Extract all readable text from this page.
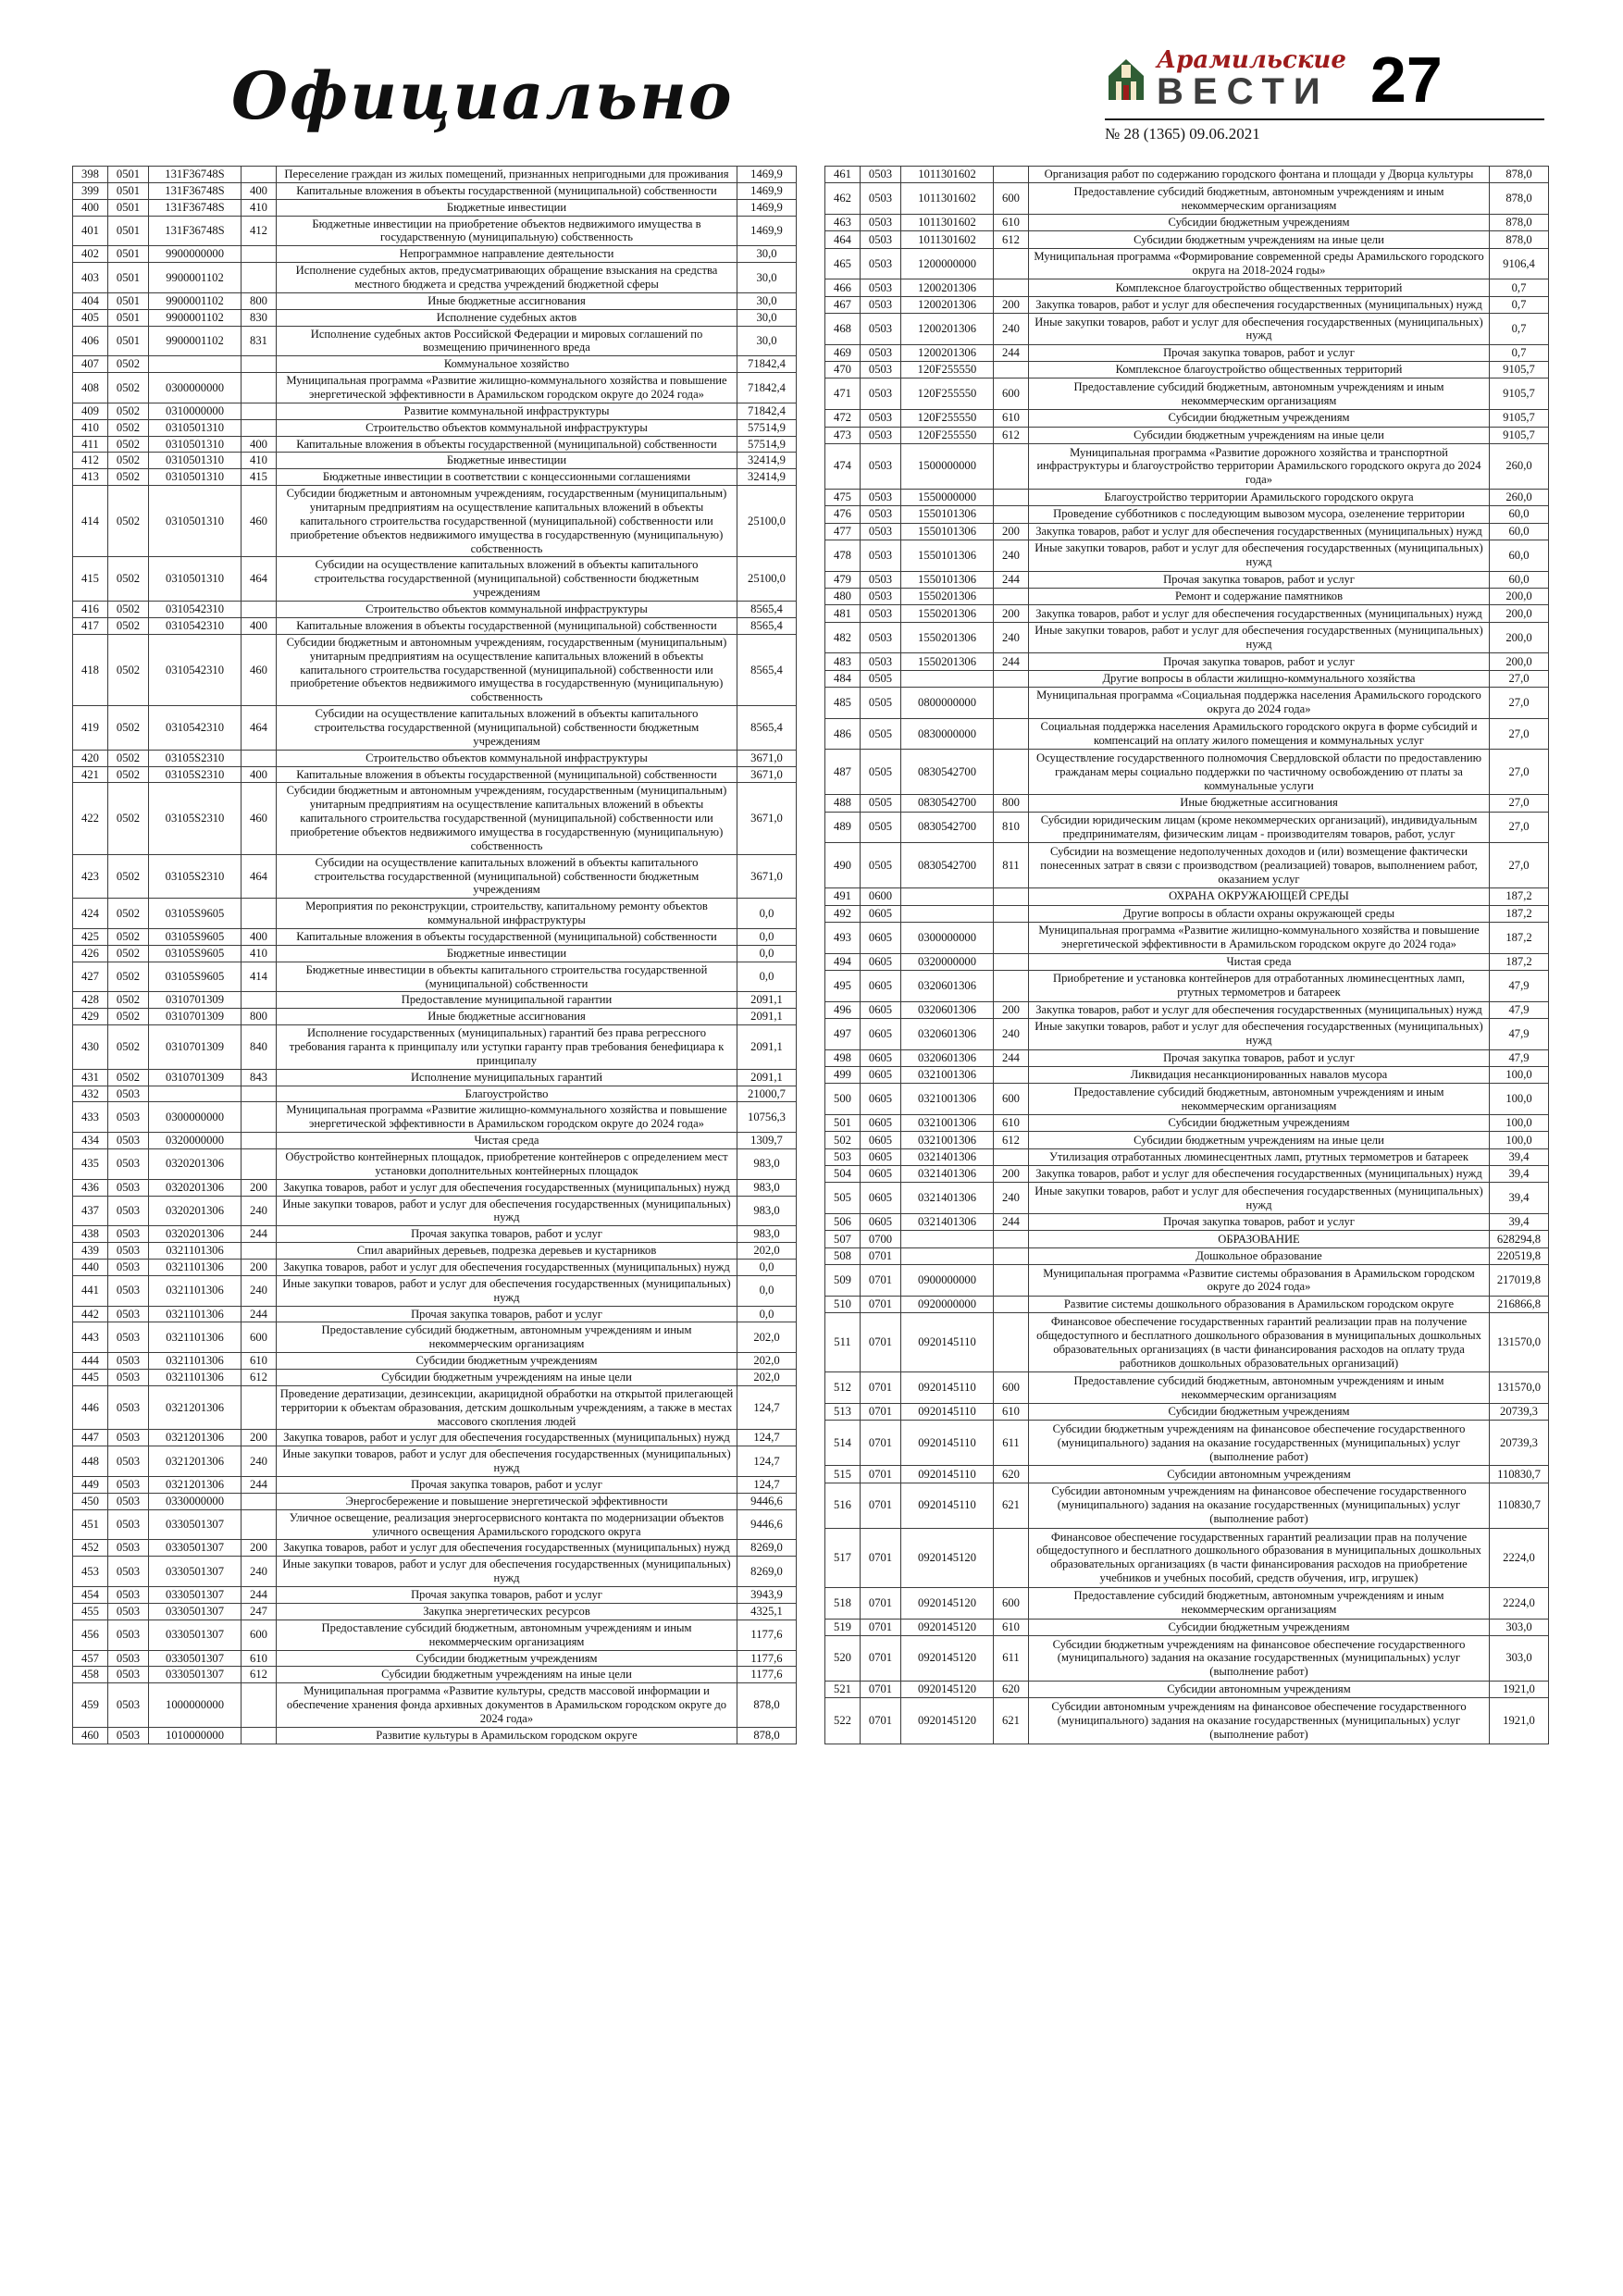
Официально	Арамильские
ВЕСТИ 27
№ 28 (1365) 09.06.2021
398	0501	131F36748S		Переселение граждан из жилых помещений, признанных непригодными для проживания	1469,9
399	0501	131F36748S	400	Капитальные вложения в объекты государственной (муниципальной) собственности	1469,9
400	0501	131F36748S	410	Бюджетные инвестиции	1469,9
401	0501	131F36748S	412	Бюджетные инвестиции на приобретение объектов недвижимого имущества в государственную (муниципальную) собственность	1469,9
402	0501	9900000000		Непрограммное направление деятельности	30,0
403	0501	9900001102		Исполнение судебных актов, предусматривающих обращение взыскания на средства местного бюджета и средства учреждений бюджетной сферы	30,0
404	0501	9900001102	800	Иные бюджетные ассигнования	30,0
405	0501	9900001102	830	Исполнение судебных актов	30,0
406	0501	9900001102	831	Исполнение судебных актов Российской Федерации и мировых соглашений по возмещению причиненного вреда	30,0
407	0502			Коммунальное хозяйство	71842,4
408	0502	0300000000		Муниципальная программа «Развитие жилищно-коммунального хозяйства и повышение энергетической эффективности в Арамильском городском округе до 2024 года»	71842,4
409	0502	0310000000		Развитие коммунальной инфраструктуры	71842,4
410	0502	0310501310		Строительство объектов коммунальной инфраструктуры	57514,9
411	0502	0310501310	400	Капитальные вложения в объекты государственной (муниципальной) собственности	57514,9
412	0502	0310501310	410	Бюджетные инвестиции	32414,9
413	0502	0310501310	415	Бюджетные инвестиции в соответствии с концессионными соглашениями	32414,9
414	0502	0310501310	460	Субсидии бюджетным и автономным учреждениям, государственным (муниципальным) унитарным предприятиям на осуществление капитальных вложений в объекты капитального строительства государственной (муниципальной) собственности или приобретение объектов недвижимого имущества в государственную (муниципальную) собственность	25100,0
415	0502	0310501310	464	Субсидии на осуществление капитальных вложений в объекты капитального строительства государственной (муниципальной) собственности бюджетным учреждениям	25100,0
416	0502	0310542310		Строительство объектов коммунальной инфраструктуры	8565,4
417	0502	0310542310	400	Капитальные вложения в объекты государственной (муниципальной) собственности	8565,4
418	0502	0310542310	460	Субсидии бюджетным и автономным учреждениям, государственным (муниципальным) унитарным предприятиям на осуществление капитальных вложений в объекты капитального строительства государственной (муниципальной) собственности или приобретение объектов недвижимого имущества в государственную (муниципальную) собственность	8565,4
419	0502	0310542310	464	Субсидии на осуществление капитальных вложений в объекты капитального строительства государственной (муниципальной) собственности бюджетным учреждениям	8565,4
420	0502	03105S2310		Строительство объектов коммунальной инфраструктуры	3671,0
421	0502	03105S2310	400	Капитальные вложения в объекты государственной (муниципальной) собственности	3671,0
422	0502	03105S2310	460	Субсидии бюджетным и автономным учреждениям, государственным (муниципальным) унитарным предприятиям на осуществление капитальных вложений в объекты капитального строительства государственной (муниципальной) собственности или приобретение объектов недвижимого имущества в государственную (муниципальную) собственность	3671,0
423	0502	03105S2310	464	Субсидии на осуществление капитальных вложений в объекты капитального строительства государственной (муниципальной) собственности бюджетным учреждениям	3671,0
424	0502	03105S9605		Мероприятия по реконструкции, строительству, капитальному ремонту объектов коммунальной инфраструктуры	0,0
425	0502	03105S9605	400	Капитальные вложения в объекты государственной (муниципальной) собственности	0,0
426	0502	03105S9605	410	Бюджетные инвестиции	0,0
427	0502	03105S9605	414	Бюджетные инвестиции в объекты капитального строительства государственной (муниципальной) собственности	0,0
428	0502	0310701309		Предоставление муниципальной гарантии	2091,1
429	0502	0310701309	800	Иные бюджетные ассигнования	2091,1
430	0502	0310701309	840	Исполнение государственных (муниципальных) гарантий без права регрессного требования гаранта к принципалу или уступки гаранту прав требования бенефициара к принципалу	2091,1
431	0502	0310701309	843	Исполнение муниципальных гарантий	2091,1
432	0503			Благоустройство	21000,7
433	0503	0300000000		Муниципальная программа «Развитие жилищно-коммунального хозяйства и повышение энергетической эффективности в Арамильском городском округе до 2024 года»	10756,3
434	0503	0320000000		Чистая среда	1309,7
435	0503	0320201306		Обустройство контейнерных площадок, приобретение контейнеров с определением мест установки дополнительных контейнерных площадок	983,0
436	0503	0320201306	200	Закупка товаров, работ и услуг для обеспечения государственных (муниципальных) нужд	983,0
437	0503	0320201306	240	Иные закупки товаров, работ и услуг для обеспечения государственных (муниципальных) нужд	983,0
438	0503	0320201306	244	Прочая закупка товаров, работ и услуг	983,0
439	0503	0321101306		Спил аварийных деревьев, подрезка деревьев и кустарников	202,0
440	0503	0321101306	200	Закупка товаров, работ и услуг для обеспечения государственных (муниципальных) нужд	0,0
441	0503	0321101306	240	Иные закупки товаров, работ и услуг для обеспечения государственных (муниципальных) нужд	0,0
442	0503	0321101306	244	Прочая закупка товаров, работ и услуг	0,0
443	0503	0321101306	600	Предоставление субсидий бюджетным, автономным учреждениям и иным некоммерческим организациям	202,0
444	0503	0321101306	610	Субсидии бюджетным учреждениям	202,0
445	0503	0321101306	612	Субсидии бюджетным учреждениям на иные цели	202,0
446	0503	0321201306		Проведение дератизации, дезинсекции, акарицидной обработки на открытой прилегающей территории к объектам образования, детским дошкольным учреждениям, а также в местах массового скопления людей	124,7
447	0503	0321201306	200	Закупка товаров, работ и услуг для обеспечения государственных (муниципальных) нужд	124,7
448	0503	0321201306	240	Иные закупки товаров, работ и услуг для обеспечения государственных (муниципальных) нужд	124,7
449	0503	0321201306	244	Прочая закупка товаров, работ и услуг	124,7
450	0503	0330000000		Энергосбережение и повышение энергетической эффективности	9446,6
451	0503	0330501307		Уличное освещение, реализация энергосервисного контакта по модернизации объектов уличного освещения Арамильского городского округа	9446,6
452	0503	0330501307	200	Закупка товаров, работ и услуг для обеспечения государственных (муниципальных) нужд	8269,0
453	0503	0330501307	240	Иные закупки товаров, работ и услуг для обеспечения государственных (муниципальных) нужд	8269,0
454	0503	0330501307	244	Прочая закупка товаров, работ и услуг	3943,9
455	0503	0330501307	247	Закупка энергетических ресурсов	4325,1
456	0503	0330501307	600	Предоставление субсидий бюджетным, автономным учреждениям и иным некоммерческим организациям	1177,6
457	0503	0330501307	610	Субсидии бюджетным учреждениям	1177,6
458	0503	0330501307	612	Субсидии бюджетным учреждениям на иные цели	1177,6
459	0503	1000000000		Муниципальная программа «Развитие культуры, средств массовой информации и обеспечение хранения фонда архивных документов в Арамильском городском округе до 2024 года»	878,0
460	0503	1010000000		Развитие культуры в Арамильском городском округе	878,0
461	0503	1011301602		Организация работ по содержанию городского фонтана и площади у Дворца культуры	878,0
462	0503	1011301602	600	Предоставление субсидий бюджетным, автономным учреждениям и иным некоммерческим организациям	878,0
463	0503	1011301602	610	Субсидии бюджетным учреждениям	878,0
464	0503	1011301602	612	Субсидии бюджетным учреждениям на иные цели	878,0
465	0503	1200000000		Муниципальная программа «Формирование современной среды Арамильского городского округа на 2018-2024 годы»	9106,4
466	0503	1200201306		Комплексное благоустройство общественных территорий	0,7
467	0503	1200201306	200	Закупка товаров, работ и услуг для обеспечения государственных (муниципальных) нужд	0,7
468	0503	1200201306	240	Иные закупки товаров, работ и услуг для обеспечения государственных (муниципальных) нужд	0,7
469	0503	1200201306	244	Прочая закупка товаров, работ и услуг	0,7
470	0503	120F255550		Комплексное благоустройство общественных территорий	9105,7
471	0503	120F255550	600	Предоставление субсидий бюджетным, автономным учреждениям и иным некоммерческим организациям	9105,7
472	0503	120F255550	610	Субсидии бюджетным учреждениям	9105,7
473	0503	120F255550	612	Субсидии бюджетным учреждениям на иные цели	9105,7
474	0503	1500000000		Муниципальная программа «Развитие дорожного хозяйства и транспортной инфраструктуры и благоустройство территории Арамильского городского округа до 2024 года»	260,0
475	0503	1550000000		Благоустройство территории Арамильского городского округа	260,0
476	0503	1550101306		Проведение субботников с последующим вывозом мусора, озеленение территории	60,0
477	0503	1550101306	200	Закупка товаров, работ и услуг для обеспечения государственных (муниципальных) нужд	60,0
478	0503	1550101306	240	Иные закупки товаров, работ и услуг для обеспечения государственных (муниципальных) нужд	60,0
479	0503	1550101306	244	Прочая закупка товаров, работ и услуг	60,0
480	0503	1550201306		Ремонт и содержание памятников	200,0
481	0503	1550201306	200	Закупка товаров, работ и услуг для обеспечения государственных (муниципальных) нужд	200,0
482	0503	1550201306	240	Иные закупки товаров, работ и услуг для обеспечения государственных (муниципальных) нужд	200,0
483	0503	1550201306	244	Прочая закупка товаров, работ и услуг	200,0
484	0505			Другие вопросы в области жилищно-коммунального хозяйства	27,0
485	0505	0800000000		Муниципальная программа «Социальная поддержка населения Арамильского городского округа до 2024 года»	27,0
486	0505	0830000000		Социальная поддержка населения Арамильского городского округа в форме субсидий и компенсаций на оплату жилого помещения и коммунальных услуг	27,0
487	0505	0830542700		Осуществление государственного полномочия Свердловской области по предоставлению гражданам меры социально поддержки по частичному освобождению от платы за коммунальные услуги	27,0
488	0505	0830542700	800	Иные бюджетные ассигнования	27,0
489	0505	0830542700	810	Субсидии юридическим лицам (кроме некоммерческих организаций), индивидуальным предпринимателям, физическим лицам - производителям товаров, работ, услуг	27,0
490	0505	0830542700	811	Субсидии на возмещение недополученных доходов и (или) возмещение фактически понесенных затрат в связи с производством (реализацией) товаров, выполнением работ, оказанием услуг	27,0
491	0600			ОХРАНА ОКРУЖАЮЩЕЙ СРЕДЫ	187,2
492	0605			Другие вопросы в области охраны окружающей среды	187,2
493	0605	0300000000		Муниципальная программа «Развитие жилищно-коммунального хозяйства и повышение энергетической эффективности в Арамильском городском округе до 2024 года»	187,2
494	0605	0320000000		Чистая среда	187,2
495	0605	0320601306		Приобретение и установка контейнеров для отработанных люминесцентных ламп, ртутных термометров и батареек	47,9
496	0605	0320601306	200	Закупка товаров, работ и услуг для обеспечения государственных (муниципальных) нужд	47,9
497	0605	0320601306	240	Иные закупки товаров, работ и услуг для обеспечения государственных (муниципальных) нужд	47,9
498	0605	0320601306	244	Прочая закупка товаров, работ и услуг	47,9
499	0605	0321001306		Ликвидация несанкционированных навалов мусора	100,0
500	0605	0321001306	600	Предоставление субсидий бюджетным, автономным учреждениям и иным некоммерческим организациям	100,0
501	0605	0321001306	610	Субсидии бюджетным учреждениям	100,0
502	0605	0321001306	612	Субсидии бюджетным учреждениям на иные цели	100,0
503	0605	0321401306		Утилизация отработанных люминесцентных ламп, ртутных термометров и батареек	39,4
504	0605	0321401306	200	Закупка товаров, работ и услуг для обеспечения государственных (муниципальных) нужд	39,4
505	0605	0321401306	240	Иные закупки товаров, работ и услуг для обеспечения государственных (муниципальных) нужд	39,4
506	0605	0321401306	244	Прочая закупка товаров, работ и услуг	39,4
507	0700			ОБРАЗОВАНИЕ	628294,8
508	0701			Дошкольное образование	220519,8
509	0701	0900000000		Муниципальная программа «Развитие системы образования в Арамильском городском округе до 2024 года»	217019,8
510	0701	0920000000		Развитие системы дошкольного образования в Арамильском городском округе	216866,8
511	0701	0920145110		Финансовое обеспечение государственных гарантий реализации прав на получение общедоступного и бесплатного дошкольного образования в муниципальных дошкольных образовательных организациях (в части финансирования расходов на оплату труда работников дошкольных образовательных организаций)	131570,0
512	0701	0920145110	600	Предоставление субсидий бюджетным, автономным учреждениям и иным некоммерческим организациям	131570,0
513	0701	0920145110	610	Субсидии бюджетным учреждениям	20739,3
514	0701	0920145110	611	Субсидии бюджетным учреждениям на финансовое обеспечение государственного (муниципального) задания на оказание государственных (муниципальных) услуг (выполнение работ)	20739,3
515	0701	0920145110	620	Субсидии автономным учреждениям	110830,7
516	0701	0920145110	621	Субсидии автономным учреждениям на финансовое обеспечение государственного (муниципального) задания на оказание государственных (муниципальных) услуг (выполнение работ)	110830,7
517	0701	0920145120		Финансовое обеспечение государственных гарантий реализации прав на получение общедоступного и бесплатного дошкольного образования в муниципальных дошкольных образовательных организациях (в части финансирования расходов на приобретение учебников и учебных пособий, средств обучения, игр, игрушек)	2224,0
518	0701	0920145120	600	Предоставление субсидий бюджетным, автономным учреждениям и иным некоммерческим организациям	2224,0
519	0701	0920145120	610	Субсидии бюджетным учреждениям	303,0
520	0701	0920145120	611	Субсидии бюджетным учреждениям на финансовое обеспечение государственного (муниципального) задания на оказание государственных (муниципальных) услуг (выполнение работ)	303,0
521	0701	0920145120	620	Субсидии автономным учреждениям	1921,0
522	0701	0920145120	621	Субсидии автономным учреждениям на финансовое обеспечение государственного (муниципального) задания на оказание государственных (муниципальных) услуг (выполнение работ)	1921,0
